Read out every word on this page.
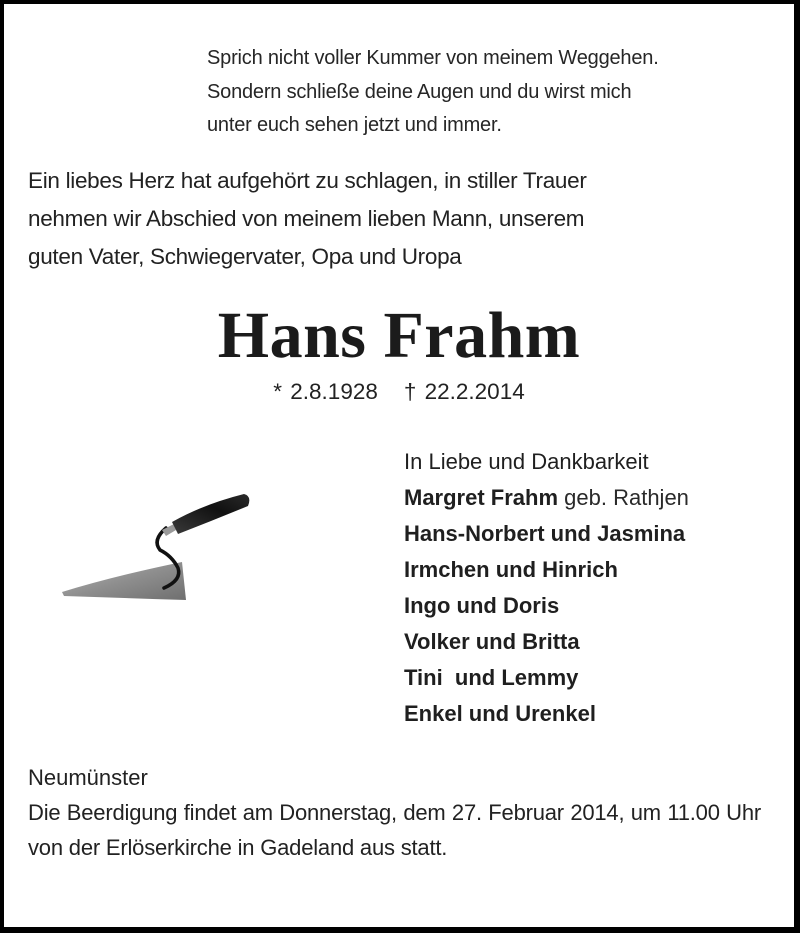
Sprich nicht voller Kummer von meinem Weggehen.
Sondern schließe deine Augen und du wirst mich
unter euch sehen jetzt und immer.
Ein liebes Herz hat aufgehört zu schlagen, in stiller Trauer
nehmen wir Abschied von meinem lieben Mann, unserem
guten Vater, Schwiegervater, Opa und Uropa
Hans Frahm
* 2.8.1928 † 22.2.2014
In Liebe und Dankbarkeit
Margret Frahm geb. Rathjen
Hans-Norbert und Jasmina
Irmchen und Hinrich
Ingo und Doris
Volker und Britta
Tini  und Lemmy
Enkel und Urenkel
Neumünster
Die Beerdigung findet am Donnerstag, dem 27. Februar 2014, um 11.00 Uhr von der Erlöserkirche in Gadeland aus statt.
